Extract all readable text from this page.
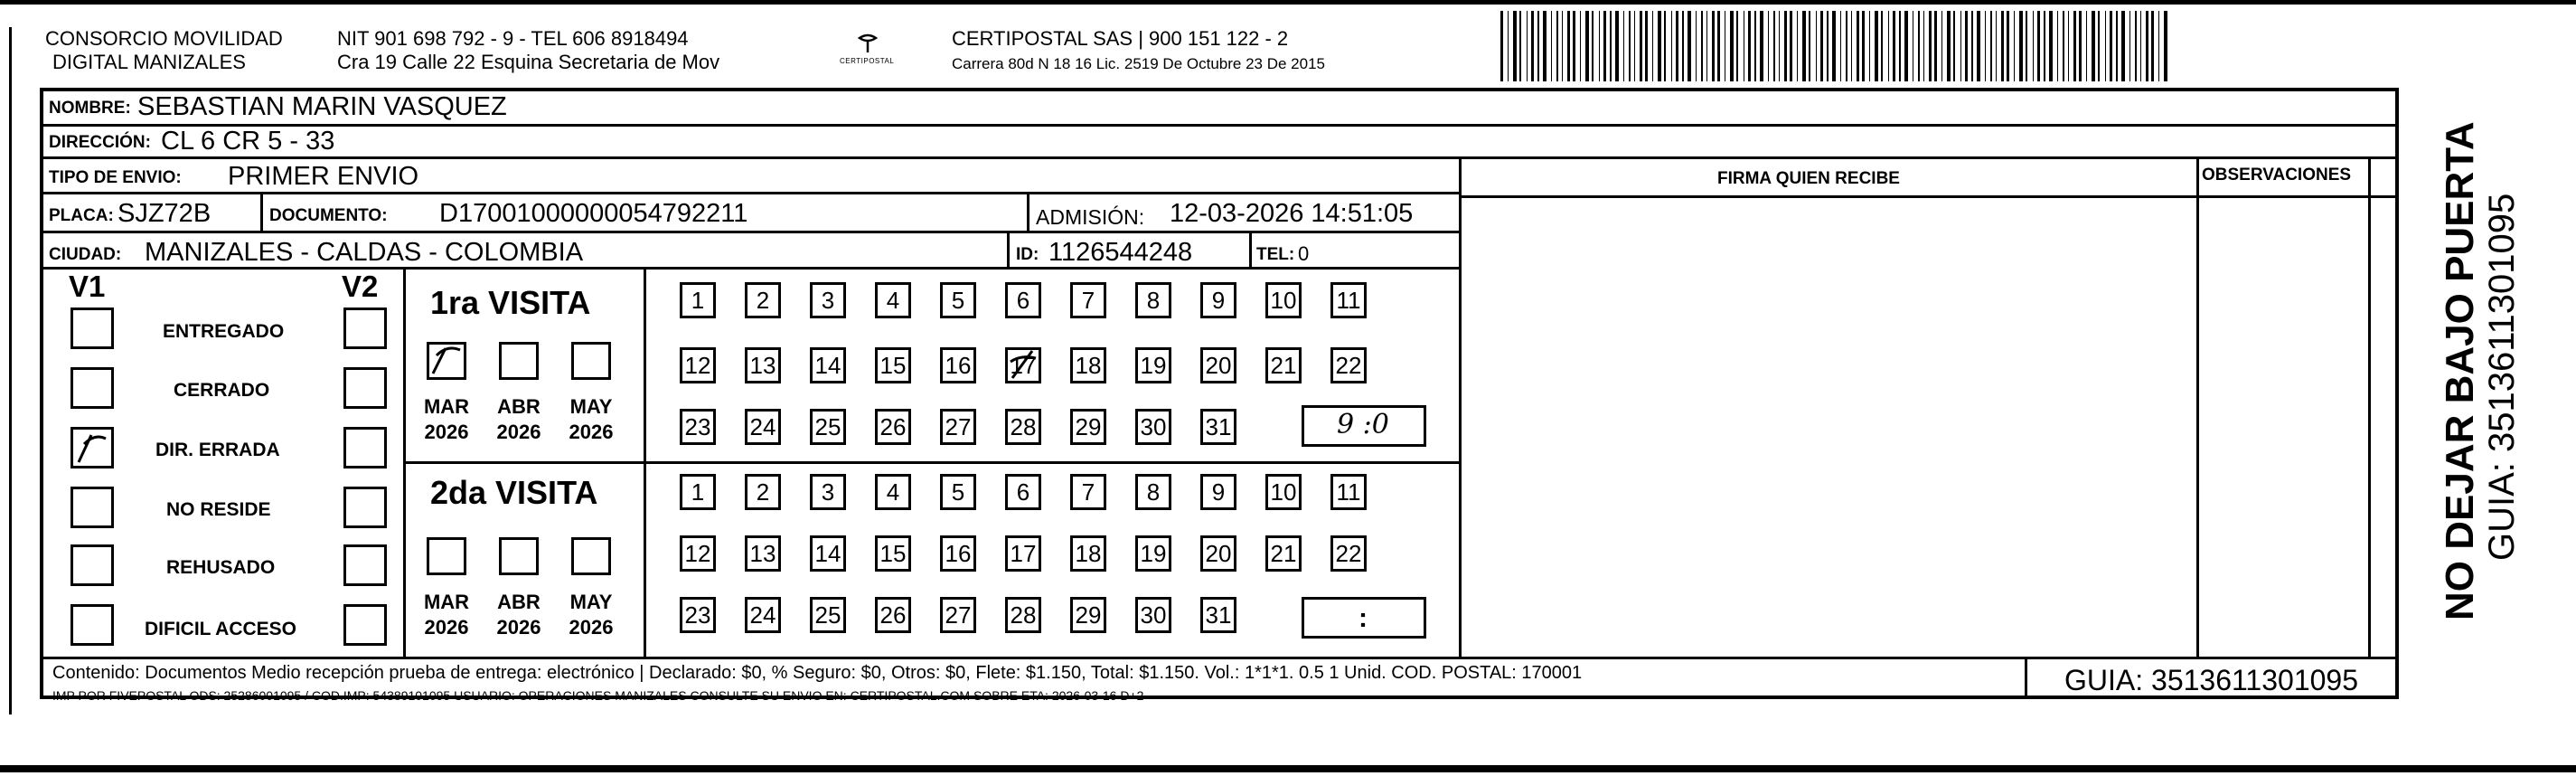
CONSORCIO MOVILIDAD
DIGITAL MANIZALES
NIT 901 698 792 - 9 - TEL 606 8918494
Cra 19 Calle 22 Esquina Secretaria de Mov	CERTIPOSTAL
CERTIPOSTAL SAS | 900 151 122 - 2
Carrera 80d N 18 16 Lic. 2519 De Octubre 23 De 2015
NOMBRE: SEBASTIAN MARIN VASQUEZ
DIRECCIÓN: CL 6 CR 5 - 33
TIPO DE ENVIO: PRIMER ENVIO	FIRMA QUIEN RECIBE	OBSERVACIONES
PLACA: SJZ72B	DOCUMENTO: D17001000000054792211	ADMISIÓN: 12-03-2026 14:51:05
CIUDAD: MANIZALES - CALDAS - COLOMBIA	ID: 1126544248	TEL: 0
V1	V2
ENTREGADO
CERRADO
DIR. ERRADA
NO RESIDE
REHUSADO
DIFICIL ACCESO
1ra VISITA
MAR
2026
ABR
2026
MAY
2026
2da VISITA
MAR
2026
ABR
2026
MAY
2026
1	2	3	4	5	6	7	8	9	10 11
12 13 14 15 16 17 18 19 20 21 22
23 24 25 26 27 28 29 30 31
1	2	3	4	5	6	7	8	9	10 11
12 13 14 15 16 17 18 19 20 21 22
23 24 25 26 27 28 29 30 31
9 :0
:
Contenido: Documentos Medio recepción prueba de entrega: electrónico | Declarado: $0, % Seguro: $0, Otros: $0, Flete: $1.150, Total: $1.150. Vol.: 1*1*1. 0.5 1 Unid. COD. POSTAL: 170001
IMP POR FIVEPOSTAL ODS: 25286001095 / COD.IMP: 54389101095 USUARIO: OPERACIONES MANIZALES CONSULTE SU ENVIO EN: CERTIPOSTAL.COM SOBRE ETA: 2026-03-16 D+2	GUIA: 3513611301095
NO DEJAR BAJO PUERTA GUIA: 3513611301095
